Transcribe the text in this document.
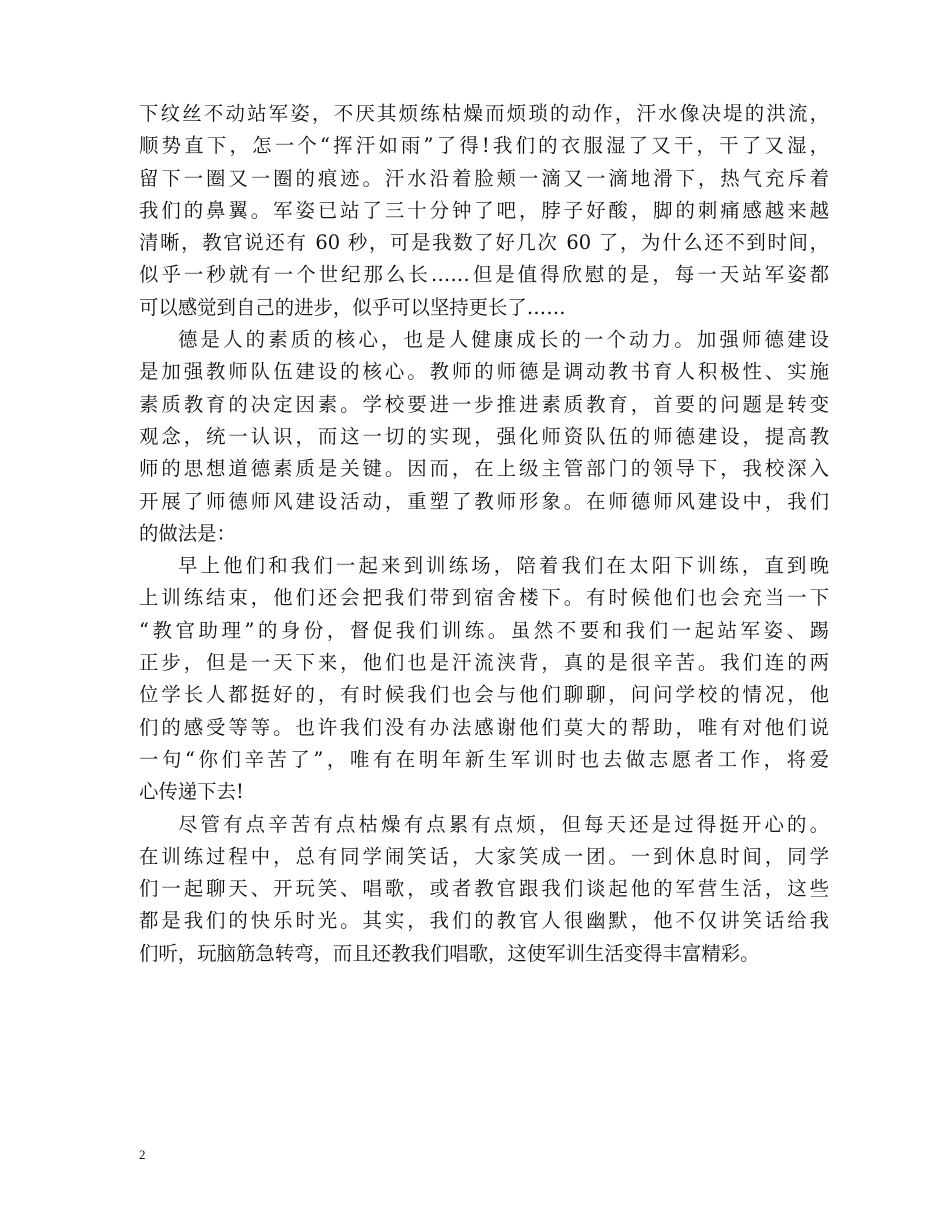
下纹丝不动站军姿，不厌其烦练枯燥而烦琐的动作，汗水像决堤的洪流，
顺势直下，怎一个“挥汗如雨”了得!我们的衣服湿了又干，干了又湿，
留下一圈又一圈的痕迹。汗水沿着脸颊一滴又一滴地滑下，热气充斥着
我们的鼻翼。军姿已站了三十分钟了吧，脖子好酸，脚的刺痛感越来越
清晰，教官说还有 60 秒，可是我数了好几次 60 了，为什么还不到时间，
似乎一秒就有一个世纪那么长……但是值得欣慰的是，每一天站军姿都
可以感觉到自己的进步，似乎可以坚持更长了……
德是人的素质的核心，也是人健康成长的一个动力。加强师德建设
是加强教师队伍建设的核心。教师的师德是调动教书育人积极性、实施
素质教育的决定因素。学校要进一步推进素质教育，首要的问题是转变
观念，统一认识，而这一切的实现，强化师资队伍的师德建设，提高教
师的思想道德素质是关键。因而，在上级主管部门的领导下，我校深入
开展了师德师风建设活动，重塑了教师形象。在师德师风建设中，我们
的做法是：
早上他们和我们一起来到训练场，陪着我们在太阳下训练，直到晚
上训练结束，他们还会把我们带到宿舍楼下。有时候他们也会充当一下
“教官助理”的身份，督促我们训练。虽然不要和我们一起站军姿、踢
正步，但是一天下来，他们也是汗流浃背，真的是很辛苦。我们连的两
位学长人都挺好的，有时候我们也会与他们聊聊，问问学校的情况，他
们的感受等等。也许我们没有办法感谢他们莫大的帮助，唯有对他们说
一句“你们辛苦了”，唯有在明年新生军训时也去做志愿者工作，将爱
心传递下去!
尽管有点辛苦有点枯燥有点累有点烦，但每天还是过得挺开心的。
在训练过程中，总有同学闹笑话，大家笑成一团。一到休息时间，同学
们一起聊天、开玩笑、唱歌，或者教官跟我们谈起他的军营生活，这些
都是我们的快乐时光。其实，我们的教官人很幽默，他不仅讲笑话给我
们听，玩脑筋急转弯，而且还教我们唱歌，这使军训生活变得丰富精彩。
2
